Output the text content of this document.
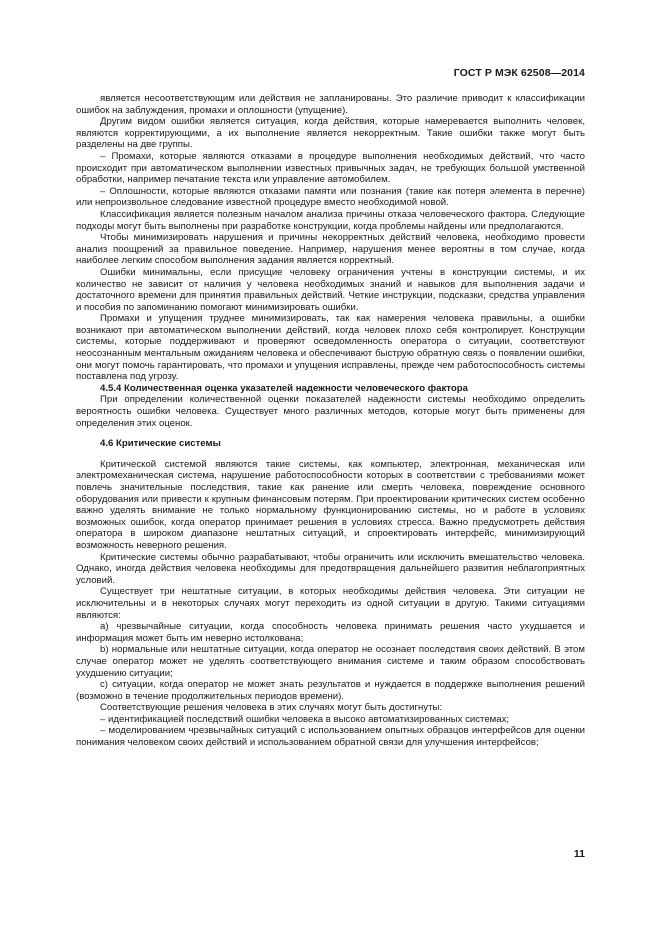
ГОСТ Р МЭК 62508—2014

является несоответствующим или действия не запланированы. Это различие приводит к классификации ошибок на заблуждения, промахи и оплошности (упущение).

Другим видом ошибки является ситуация, когда действия, которые намеревается выполнить человек, являются корректирующими, а их выполнение является некорректным. Такие ошибки также могут быть разделены на две группы.

– Промахи, которые являются отказами в процедуре выполнения необходимых действий, что часто происходит при автоматическом выполнении известных привычных задач, не требующих большой умственной обработки, например печатание текста или управление автомобилем.

– Оплошности, которые являются отказами памяти или познания (такие как потеря элемента в перечне) или непроизвольное следование известной процедуре вместо необходимой новой.

Классификация является полезным началом анализа причины отказа человеческого фактора. Следующие подходы могут быть выполнены при разработке конструкции, когда проблемы найдены или предполагаются.

Чтобы минимизировать нарушения и причины некорректных действий человека, необходимо провести анализ поощрений за правильное поведение. Например, нарушения менее вероятны в том случае, когда наиболее легким способом выполнения задания является корректный.

Ошибки минимальны, если присущие человеку ограничения учтены в конструкции системы, и их количество не зависит от наличия у человека необходимых знаний и навыков для выполнения задачи и достаточного времени для принятия правильных действий. Четкие инструкции, подсказки, средства управления и пособия по запоминанию помогают минимизировать ошибки.

Промахи и упущения труднее минимизировать, так как намерения человека правильны, а ошибки возникают при автоматическом выполнении действий, когда человек плохо себя контролирует. Конструкции системы, которые поддерживают и проверяют осведомленность оператора о ситуации, соответствуют неосознанным ментальным ожиданиям человека и обеспечивают быструю обратную связь о появлении ошибки, они могут помочь гарантировать, что промахи и упущения исправлены, прежде чем работоспособность системы поставлена под угрозу.

4.5.4 Количественная оценка указателей надежности человеческого фактора

При определении количественной оценки показателей надежности системы необходимо определить вероятность ошибки человека. Существует много различных методов, которые могут быть применены для определения этих оценок.

4.6 Критические системы

Критической системой являются такие системы, как компьютер, электронная, механическая или электромеханическая система, нарушение работоспособности которых в соответствии с требованиями может повлечь значительные последствия, такие как ранение или смерть человека, повреждение основного оборудования или привести к крупным финансовым потерям. При проектировании критических систем особенно важно уделять внимание не только нормальному функционированию системы, но и работе в условиях возможных ошибок, когда оператор принимает решения в условиях стресса. Важно предусмотреть действия оператора в широком диапазоне нештатных ситуаций, и спроектировать интерфейс, минимизирующий возможность неверного решения.

Критические системы обычно разрабатывают, чтобы ограничить или исключить вмешательство человека. Однако, иногда действия человека необходимы для предотвращения дальнейшего развития неблагоприятных условий.

Существует три нештатные ситуации, в которых необходимы действия человека. Эти ситуации не исключительны и в некоторых случаях могут переходить из одной ситуации в другую. Такими ситуациями являются:

а) чрезвычайные ситуации, когда способность человека принимать решения часто ухудшается и информация может быть им неверно истолкована;

b) нормальные или нештатные ситуации, когда оператор не осознает последствия своих действий. В этом случае оператор может не уделять соответствующего внимания системе и таким образом способствовать ухудшению ситуации;

c) ситуации, когда оператор не может знать результатов и нуждается в поддержке выполнения решений (возможно в течение продолжительных периодов времени).

Соответствующие решения человека в этих случаях могут быть достигнуты:

– идентификацией последствий ошибки человека в высоко автоматизированных системах;

– моделированием чрезвычайных ситуаций с использованием опытных образцов интерфейсов для оценки понимания человеком своих действий и использованием обратной связи для улучшения интерфейсов;

11
